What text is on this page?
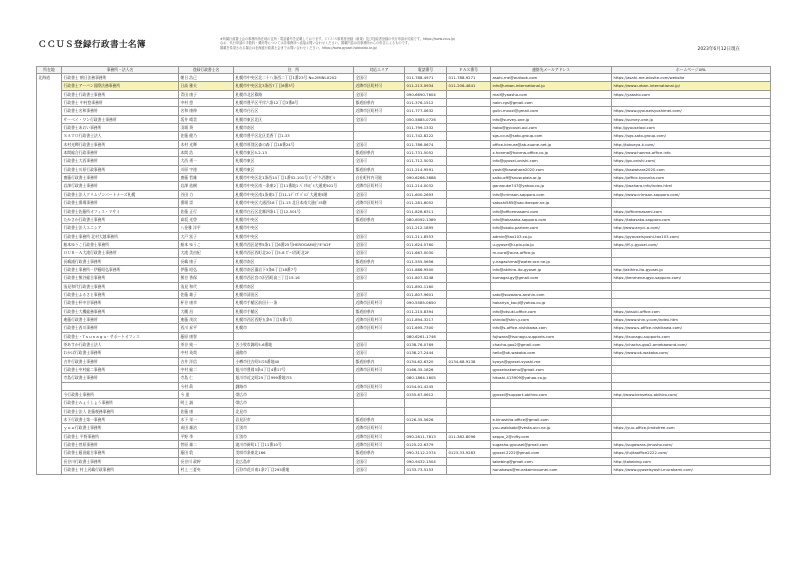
ＣＣＵＳ登録行政書士名簿
※所属行政書士会の事務所所在地の住所・電話番号を記載しております。ＣＣＵＳ事業者登録（新規）及び技能者登録の代行申請が可能です。https://www.ccus.jp/
なお、代行申請の手数料・費用等については各事務所へ直接お問い合わせください。掲載内容は各事務所からの申告によるものです。
掲載を希望される場合は北海道行政書士会までお問い合わせください。https://www.gyosei-hokkaido.or.jp/	2023年6月12日現在
所在地	事務所・法人名	登録行政書士名	住　所	対応エリア	電話番号	ＦＡＸ番号	連絡先メールアドレス	ホームページURL
北海道	行政書士 朝日法務事務所	朝日 浩己	札幌市中央区北二十八条西二丁目1番23号 No.2MINI-X202	全国可	011-788-4971	011-788-9271	asahi-me@outlook.com	https://asahi-me.wixsite.com/website
	行政書士アーバン国際法務事務所	日高 雅夫	札幌市中央区北3条西7丁目6番3号	近隣市区町村可	011-213-0934	011-206-4841	info@urban-international.jp	https://www.urban-international.jp/
	行政書士行政書士事務所	青田 康子	札幌市北区篠路	全国可	090-6690-7604		mail@yaasho.com	https://yaasho.com
	行政書士 中村悠事務所	中村 悠	札幌市豊平区平岸六条12丁目3番8号	都道府県内	011-376-1512		nakn.rgs@gmail.com	
	行政書士名和事務所	名和 康伸	札幌市白石区	近隣市区町村可	011-777-0632		guiln.mxxxl@gmail.com	https://www.gyouseisyoshimei.com/
	サーベイ・ワン行政書士事務所	坂井 晴美	札幌市東区北区	全国可	050-5885-0726		info@survey-one.jp	https://survey-one.jp
	行政書士あおい事務所	羽場 葵	札幌市南区		011-799-1332		hobo@gyousei-aoi.com	http://gyouseiaoi.com
	ＳＡＴＯ行政書士法人	佐藤 健乃	札幌市豊平区北区美香丁目1-33		011-742-8222		sgs-ccus@sato-group.com	https://sgs.sato-group.com/
	木村光輝行政書士事務所	木村 光輝	札幌市厚別区森の森丁目18番24号	全国可	011-786-0674		office-kimura@ab.auone-net.jp	http://tokueya-k.com/
	本間総合行政事務所	本間 浩	札幌市東区5-2-13	都道府県内	011-731-5052		z-honma@honma-office.co.jp	https://www.honma-office.info
	行政書士大西事務所	大西 勇一	札幌市東区	全国可	011-712-5032		info@gyosei-onishi.com	https://go-onishi.com/
	行政書士川原行政事務所	川原 宇徳	札幌市東区	都道府県内	011-214-9591		yoshi@kawahara2020.com	https://kawahara2020.com
	齋藤行政書士事務所	齋藤 哲雄	札幌市中央区北1条西14丁目1番52-101号 ﾋﾞｯｸﾞｳ-西創ﾋﾞﾙ	自社町村内可能	090-6266-3688		saito-off@snow.plala.or.jp	https://office-kyonnka.com
	岩澤行政書士事務所	岩澤 佑樹	札幌市中央区南一条東2丁目11番地1 ﾊﾞｲﾀﾙﾋﾞﾙ大通東501号	近隣市区町村可	011-214-0032		gannouke747@yahoo.co.jp	https://iwahara.info/index.html
	行政書士法人クリムゾンパートナーズ札幌	谷田 力	札幌市中央区南1条東2丁目11-1ﾃﾞｲｽﾞﾊﾞﾙｺﾞ大通東5階	全国可	011-600-2693		info@crimson-sapporo.com	https://www.crimson-sapporo.com/
	行政書士番場事務所	番場 崇	札幌市中央区大通西18丁目1-13 北日本南大通ﾋﾞﾙ5階	近隣市区町村可	011-281-6052		satoshi585@sao.ikeeper.ne.jp	
	行政書士佐藤所オフィス・マサミ	佐藤 正行	札幌市白石区北郷四条1丁目12-501号	全国可	011-826-6311		info@officemasami.com	https://officemasami.com
	たかさか行政書士事務所	髙坂 光啓	札幌市中央区	都道府県内	080-6092-1389		info@takasaka-sapporo.com	https://takasaka-sapporo.com
	行政書士法人エニシア	八巻雅 洋平	札幌市中央区		011-212-1895		info@oxalo-partner.com	http://www.anyci-a.com/
	行政書士事務所 北村大越事務所	大戸 冨子	札幌市中央区	全国可	011-211-8553		admin@tax103.co.jp	https://gyouseisyoshi-tax103.com/
	船本ゆうこ行政書士事務所	船本 ゆうこ	札幌市西区発寒5条1丁目6番25号HEROGAMI出"E"A2F	全国可	011-624-5760		u-gyosei@u.plo-pla.jp	https://ff-y-gyosei.com/
	ＯＵＲ－Ａ大滝行政書士事務所	大滝 美由紀	札幌市西区西町北20丁目5-8 ｽﾞｰﾐ西町北2F	全国可	011-667-0030		m.oura@oura-office.jp	
	長嶋浦行政書士事務所	長嶋 康子	札幌市南区	都道府県内	011-555-5656		y-nagashima@water.ocn.ne.jp	
	行政書士事務所・伊藤昭弘事務所	伊藤 昭弘	札幌市南区藻岩下3条8丁目18番7号	全国可	011-886-9500		info@akihiro-ito-gyosei.jp	http://akihiro-ito-gyosei.jp
	行政書士熊谷総合事務所	熊谷 香保	札幌市西区宮の沢西町高三丁目15-16	全国可	011-807-5248		kumagai.gy@gmail.com	https://kenmenzugyo-sapporo.com/
	浅見和代行政書士事務所	浅見 和代	札幌市南区		011-892-1160			
	行政書士ふるさと事務所	佐藤 雄子	札幌市清田区	全国可	011-807-9601		sato@sozozoro-anshin.com	
	行政書士杯中谷事務所	杯谷 康幸	札幌市手稲区前田十一条	近隣市区町村可	090-5585-0650		hakariya_kouji@yahoo.co.jp	
	行政書士大槻総務事務所	大槻 昌	札幌市手稲区	都道府県内	011-215-8394		info@otsuki-office.com	https://otsuki-office.com
	進藤行政書士事務所	進藤 茂次	札幌市西区西野五条5丁目5番1号	近隣市区町村可	011-894-3217		shindo@shin-y.com	https://www.shin-y.com/index.htm
	行政書士西川事務所	西川 昇平	札幌市	近隣市区町村可	011-695-7300		info@s-office-nishikawa.com	https://www.s-office-nishikawa.com/
	行政書士・T s u n a g u・サポートオフィス	藤原 康智			080-6261-1746		fujiwara@tsunagu-supports.com	https://tsunagu-supports.com
	茶あすか行政書士法人	茶谷 純一	苫小牧市錦町5-6番地	全国可	0138-76-0769		chacha.goo2@gmail.com	https://chacha-goo2.amebaownd.com/
	わかば行政書士事務所	中村 英哉	函館市	全国可	0138-27-2444		hello@ok-wakaba.com	https://www.ok-wakaba.com/
	吉井行政書士事務所	吉井 洋信	小樽市住吉町5の5番地40	都道府県内	0134-62-6320	0134-68-9138	kyoya@gyosei-syoshi.me	
	行政書士中村総二事務所	中村 総二	旭川市豊岡3条4丁目4番17号	近隣市区町村可	0166-35-1826		gyoseinakamu@gmail.com	
	寺島行政書士事務所	寺島 仁	旭川市近文町25丁目999番地の5		080-1864-1605		hitoshi.413909@yahoo.co.jp	
		今村 眞	釧路市	近隣市区町村可	0154-91-4245			
	今行政書士事務所	今 達	帯広市	全国可	0155-67-0612		gyosei@support-obihiro.com	http://www.kensetsu-obihiro.com/
	行政書士みょうしょう事務所	明上 誠	帯広市					
	行政書士法人 佐藤税務事務所	佐藤 康	北見市					
	木下行政書士第一事務所	木下 栄一	岩見沢市	都道府県内	0126-35-5626		e.kinoshita.office@gmail.com	
	ｙｕｕ行政書士事務所	成田 雄治	江別市	近隣市区町村可			yuu-wabisabi@vesta.ocn.ne.jp	https://yuu-office.jimdofree.com
	行政書士 平野事務所	平野 季	江別市	近隣市区町村可	090-2811-7813	011-382-8096	seppo_2@nifty.com	
	行政書士菅原事務所	菅原 雄二	滝川市新町1丁目11番10号	近隣市区町村可	0125-22-6379		sugasho.gyousei@gmail.com	https://sugawara-jimusho.com/
	行政書士藤田総合事務所	藤田 敦	美唄市条東北166	都道府県内	090-3112-2374	0123-33-9283	gyosei.2222@gmail.com	https://fujitaoffice2222.com/
	長谷川行政書士事務所	長谷川 政幹	北広島市	全国可	090-9432-1504		takebing@gmail.com	http://takebing.com
	行政書士 村上河嶋行政事務所	村上 三夏央	石狩市花川南1条7丁目295番地	全国可	0133-73-5153		honakawa@murakamiroumei.com	https://www.gyoseisyoshi-murakami.com/
